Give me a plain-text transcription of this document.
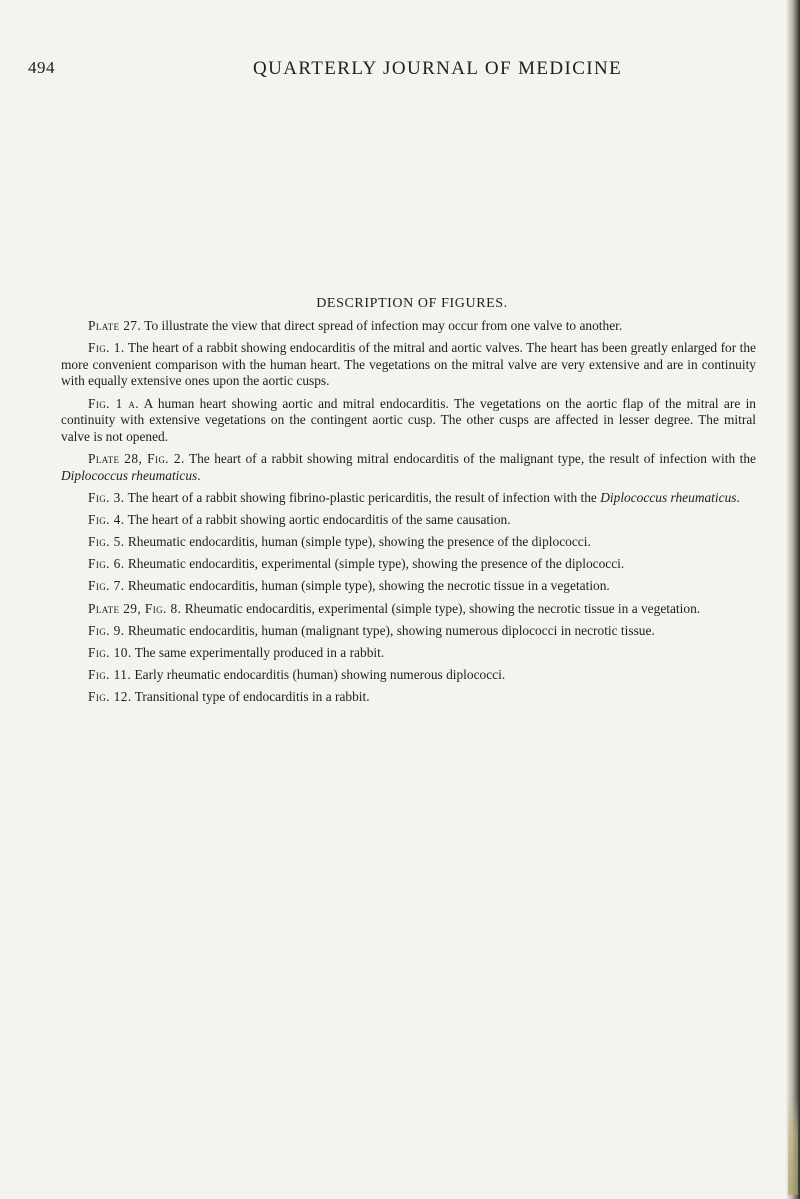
494	QUARTERLY JOURNAL OF MEDICINE
DESCRIPTION OF FIGURES.

Plate 27. To illustrate the view that direct spread of infection may occur from one valve to another.

Fig. 1. The heart of a rabbit showing endocarditis of the mitral and aortic valves. The heart has been greatly enlarged for the more convenient comparison with the human heart. The vegetations on the mitral valve are very extensive and are in continuity with equally extensive ones upon the aortic cusps.

Fig. 1 a. A human heart showing aortic and mitral endocarditis. The vegetations on the aortic flap of the mitral are in continuity with extensive vegetations on the contingent aortic cusp. The other cusps are affected in lesser degree. The mitral valve is not opened.

Plate 28, Fig. 2. The heart of a rabbit showing mitral endocarditis of the malignant type, the result of infection with the Diplococcus rheumaticus.

Fig. 3. The heart of a rabbit showing fibrino-plastic pericarditis, the result of infection with the Diplococcus rheumaticus.

Fig. 4. The heart of a rabbit showing aortic endocarditis of the same causation.

Fig. 5. Rheumatic endocarditis, human (simple type), showing the presence of the diplococci.

Fig. 6. Rheumatic endocarditis, experimental (simple type), showing the presence of the diplococci.

Fig. 7. Rheumatic endocarditis, human (simple type), showing the necrotic tissue in a vegetation.

Plate 29, Fig. 8. Rheumatic endocarditis, experimental (simple type), showing the necrotic tissue in a vegetation.

Fig. 9. Rheumatic endocarditis, human (malignant type), showing numerous diplococci in necrotic tissue.

Fig. 10. The same experimentally produced in a rabbit.

Fig. 11. Early rheumatic endocarditis (human) showing numerous diplococci.

Fig. 12. Transitional type of endocarditis in a rabbit.
